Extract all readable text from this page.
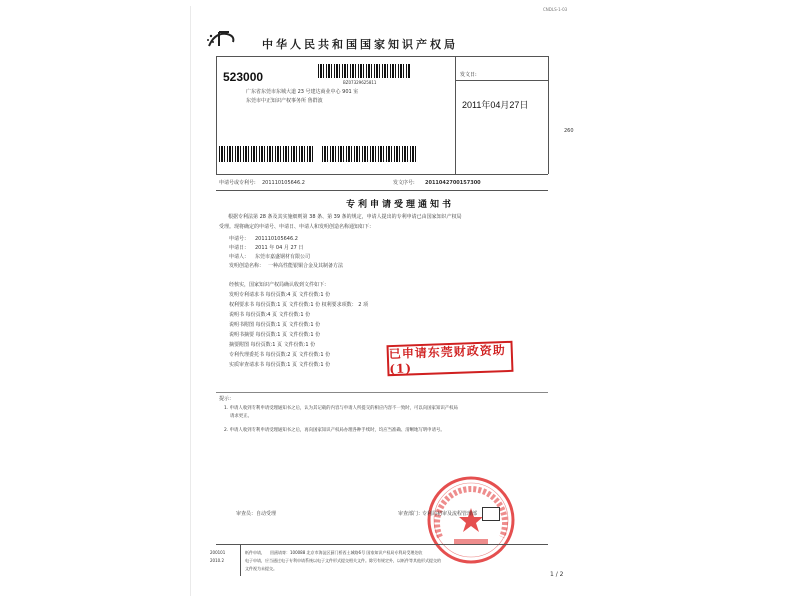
中华人民共和国国家知识产权局
CNDLS-1-03
523000	BZ07329625811
广东省东莞市东城大道 23 号建达商业中心 901 室
东莞市中正知识产权事务所 鲁群波
发文日:
2011年04月27日
260
申请号或专利号: 201110105646.2	发文序号: 2011042700157300
专利申请受理通知书
根据专利法第 28 条及其实施细则第 38 条、第 39 条的规定，申请人提出的专利申请已由国家知识产权局
受理。现将确定的申请号、申请日、申请人和发明创造名称通知如下：
申请号： 201110105646.2
申请日： 2011 年 04 月 27 日
申请人： 东莞市嘉盛钢材有限公司
发明创造名称： 一种高性能银铜合金及其制备方法
经核实，国家知识产权局确认收到文件如下：
发明专利请求书 每份页数:4 页 文件份数:1 份
权利要求书 每份页数:1 页 文件份数:1 份 权利要求项数： 2 项
说明书 每份页数:4 页 文件份数:1 份
说明书附图 每份页数:1 页 文件份数:1 份
说明书摘要 每份页数:1 页 文件份数:1 份
摘要附图 每份页数:1 页 文件份数:1 份
专利代理委托书 每份页数:2 页 文件份数:1 份
实质审查请求书 每份页数:1 页 文件份数:1 份
已申请东莞财政资助(1)
提示：
1. 申请人收到专利申请受理通知书之后，认为其记载的内容与申请人所提交的相应内容不一致时，可以向国家知识产权局
请求更正。
2. 申请人收到专利申请受理通知书之后，再向国家知识产权局办理各种手续时，均应当准确、清晰地写明申请号。
审查员： 自动受理	审查部门：
专利局初审及流程管理部
200101
2010.2
纸件申请， 回函请寄：100088 北京市海淀区蓟门桥西土城路6号 国家知识产权局专利局受理处收
电子申请，应当通过电子专利申请系统以电子文件形式提交相关文件。除另有规定外，以纸件等其他形式提交的
文件视为未提交。
1 / 2
